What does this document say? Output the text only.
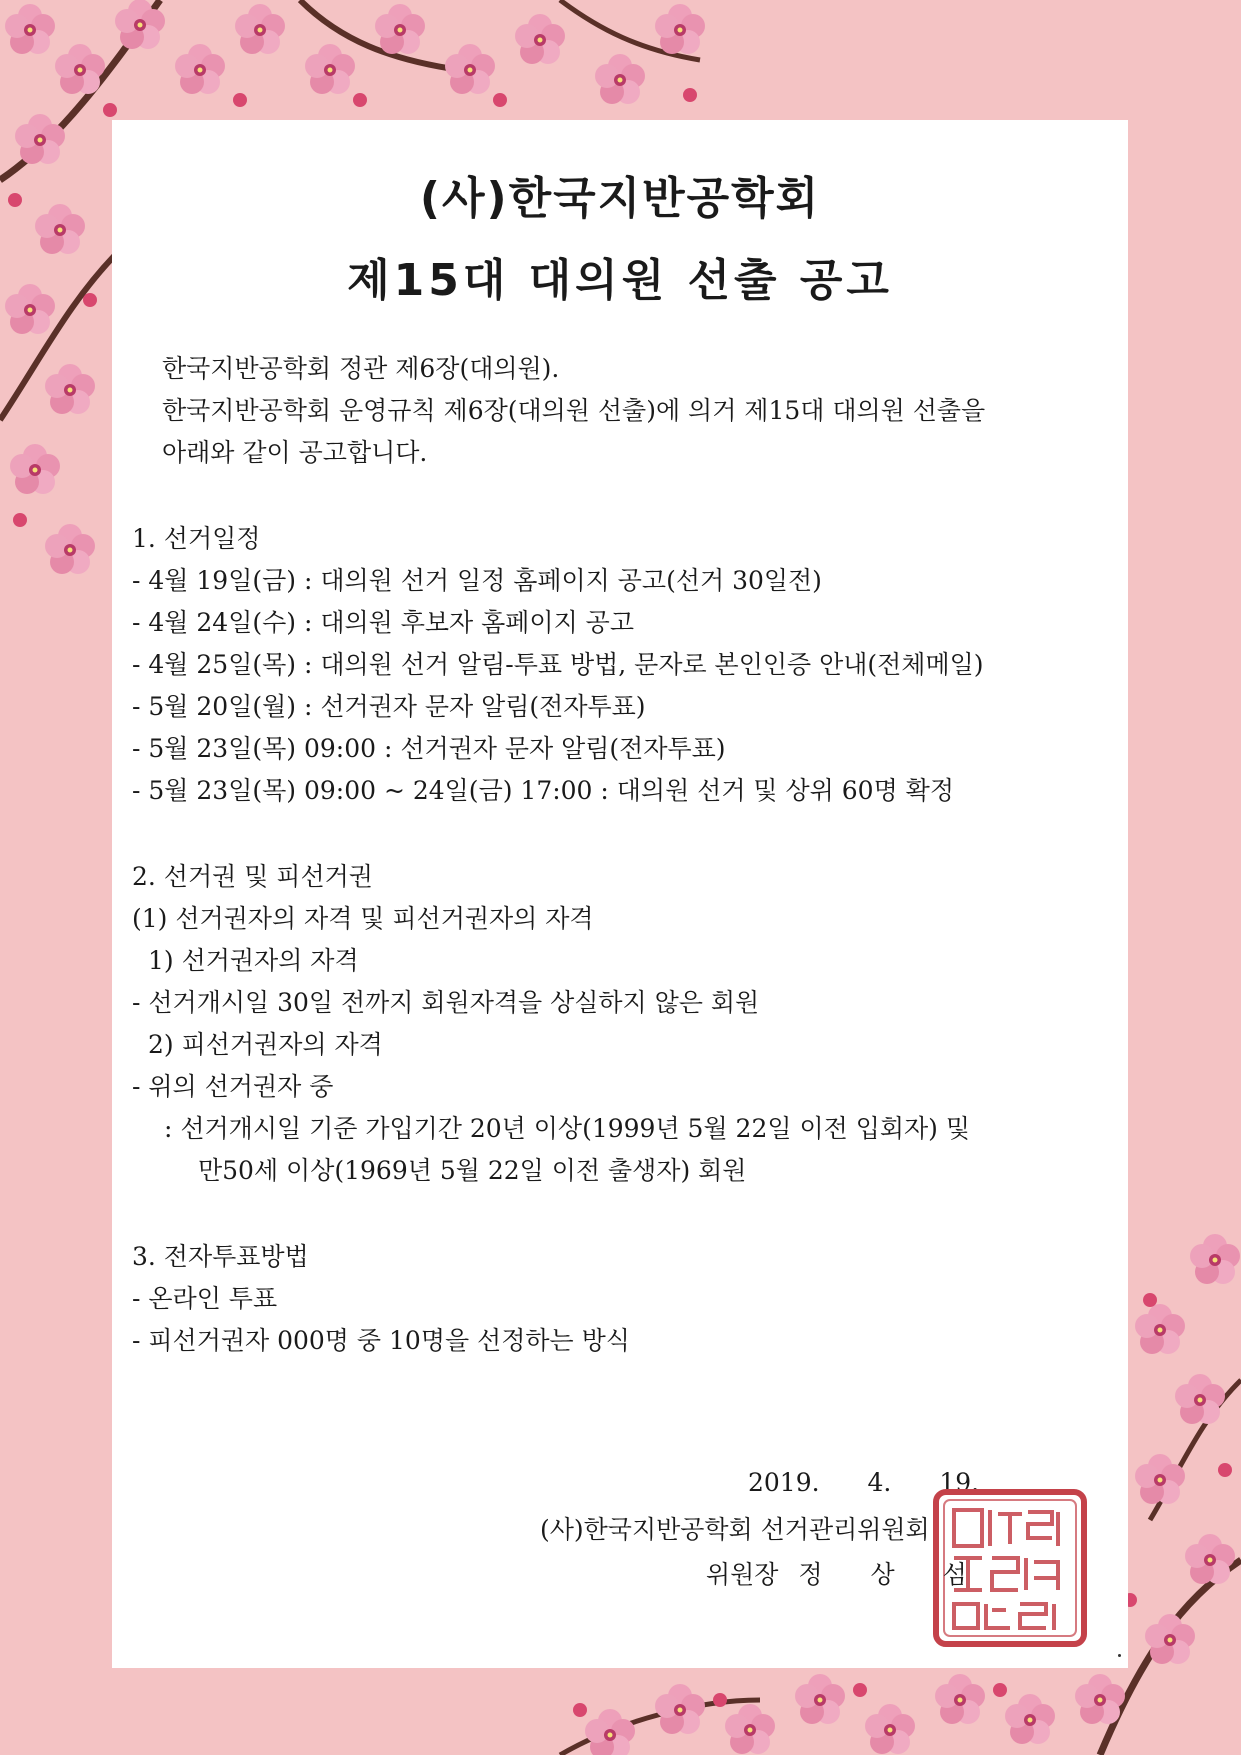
(사)한국지반공학회
제15대 대의원 선출 공고
한국지반공학회 정관 제6장(대의원).
한국지반공학회 운영규칙 제6장(대의원 선출)에 의거 제15대 대의원 선출을
아래와 같이 공고합니다.
1. 선거일정
- 4월 19일(금) : 대의원 선거 일정 홈페이지 공고(선거 30일전)
- 4월 24일(수) : 대의원 후보자 홈페이지 공고
- 4월 25일(목) : 대의원 선거 알림-투표 방법, 문자로 본인인증 안내(전체메일)
- 5월 20일(월) : 선거권자 문자 알림(전자투표)
- 5월 23일(목) 09:00 : 선거권자 문자 알림(전자투표)
- 5월 23일(목) 09:00 ~ 24일(금) 17:00 : 대의원 선거 및 상위 60명 확정
2. 선거권 및 피선거권
(1) 선거권자의 자격 및 피선거권자의 자격
1) 선거권자의 자격
- 선거개시일 30일 전까지 회원자격을 상실하지 않은 회원
2) 피선거권자의 자격
- 위의 선거권자 중
: 선거개시일 기준 가입기간 20년 이상(1999년 5월 22일 이전 입회자) 및
만50세 이상(1969년 5월 22일 이전 출생자) 회원
3. 전자투표방법
- 온라인 투표
- 피선거권자 000명 중 10명을 선정하는 방식
2019. 4. 19.
(사)한국지반공학회 선거관리위원회
위원장 정 상 섬
